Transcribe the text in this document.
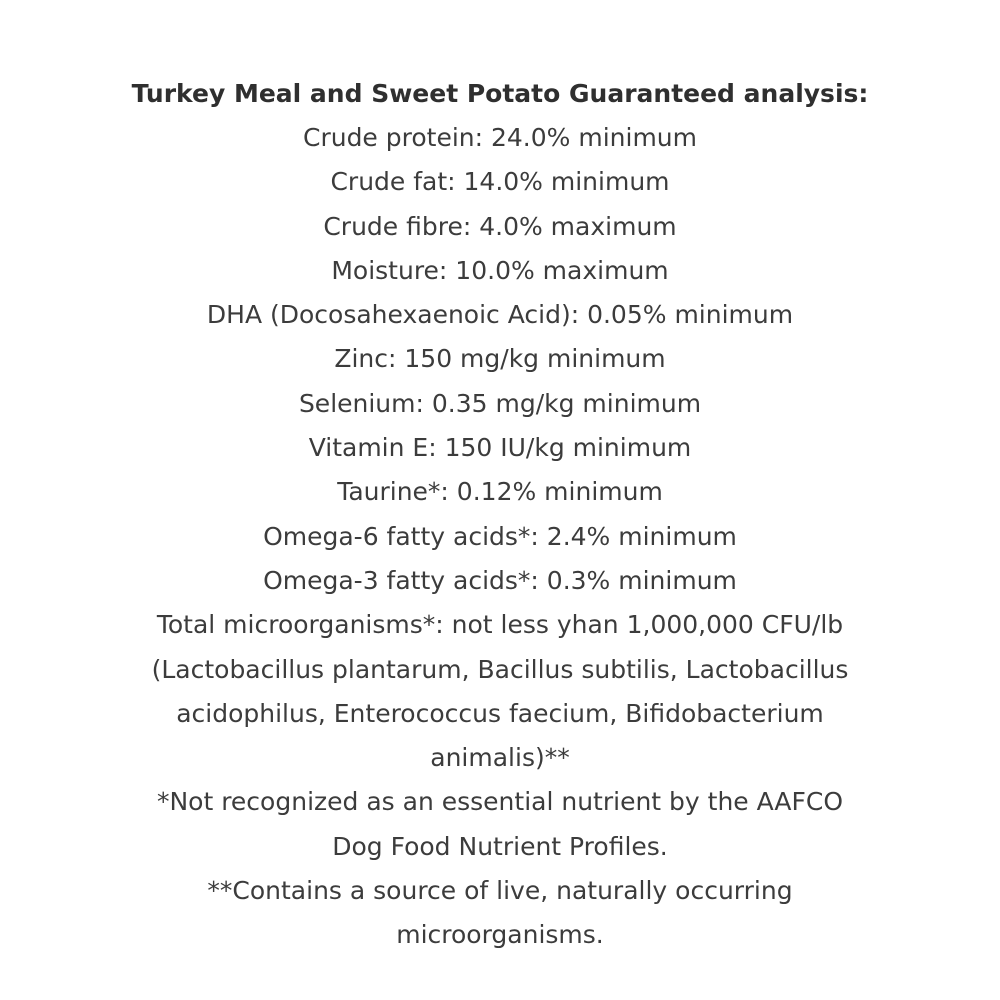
Turkey Meal and Sweet Potato Guaranteed analysis:
Crude protein: 24.0% minimum
Crude fat: 14.0% minimum
Crude fibre: 4.0% maximum
Moisture: 10.0% maximum
DHA (Docosahexaenoic Acid): 0.05% minimum
Zinc: 150 mg/kg minimum
Selenium: 0.35 mg/kg minimum
Vitamin E: 150 IU/kg minimum
Taurine*: 0.12% minimum
Omega-6 fatty acids*: 2.4% minimum
Omega-3 fatty acids*: 0.3% minimum
Total microorganisms*: not less yhan 1,000,000 CFU/lb
(Lactobacillus plantarum, Bacillus subtilis, Lactobacillus
acidophilus, Enterococcus faecium, Bifidobacterium
animalis)**
*Not recognized as an essential nutrient by the AAFCO
Dog Food Nutrient Profiles.
**Contains a source of live, naturally occurring
microorganisms.
